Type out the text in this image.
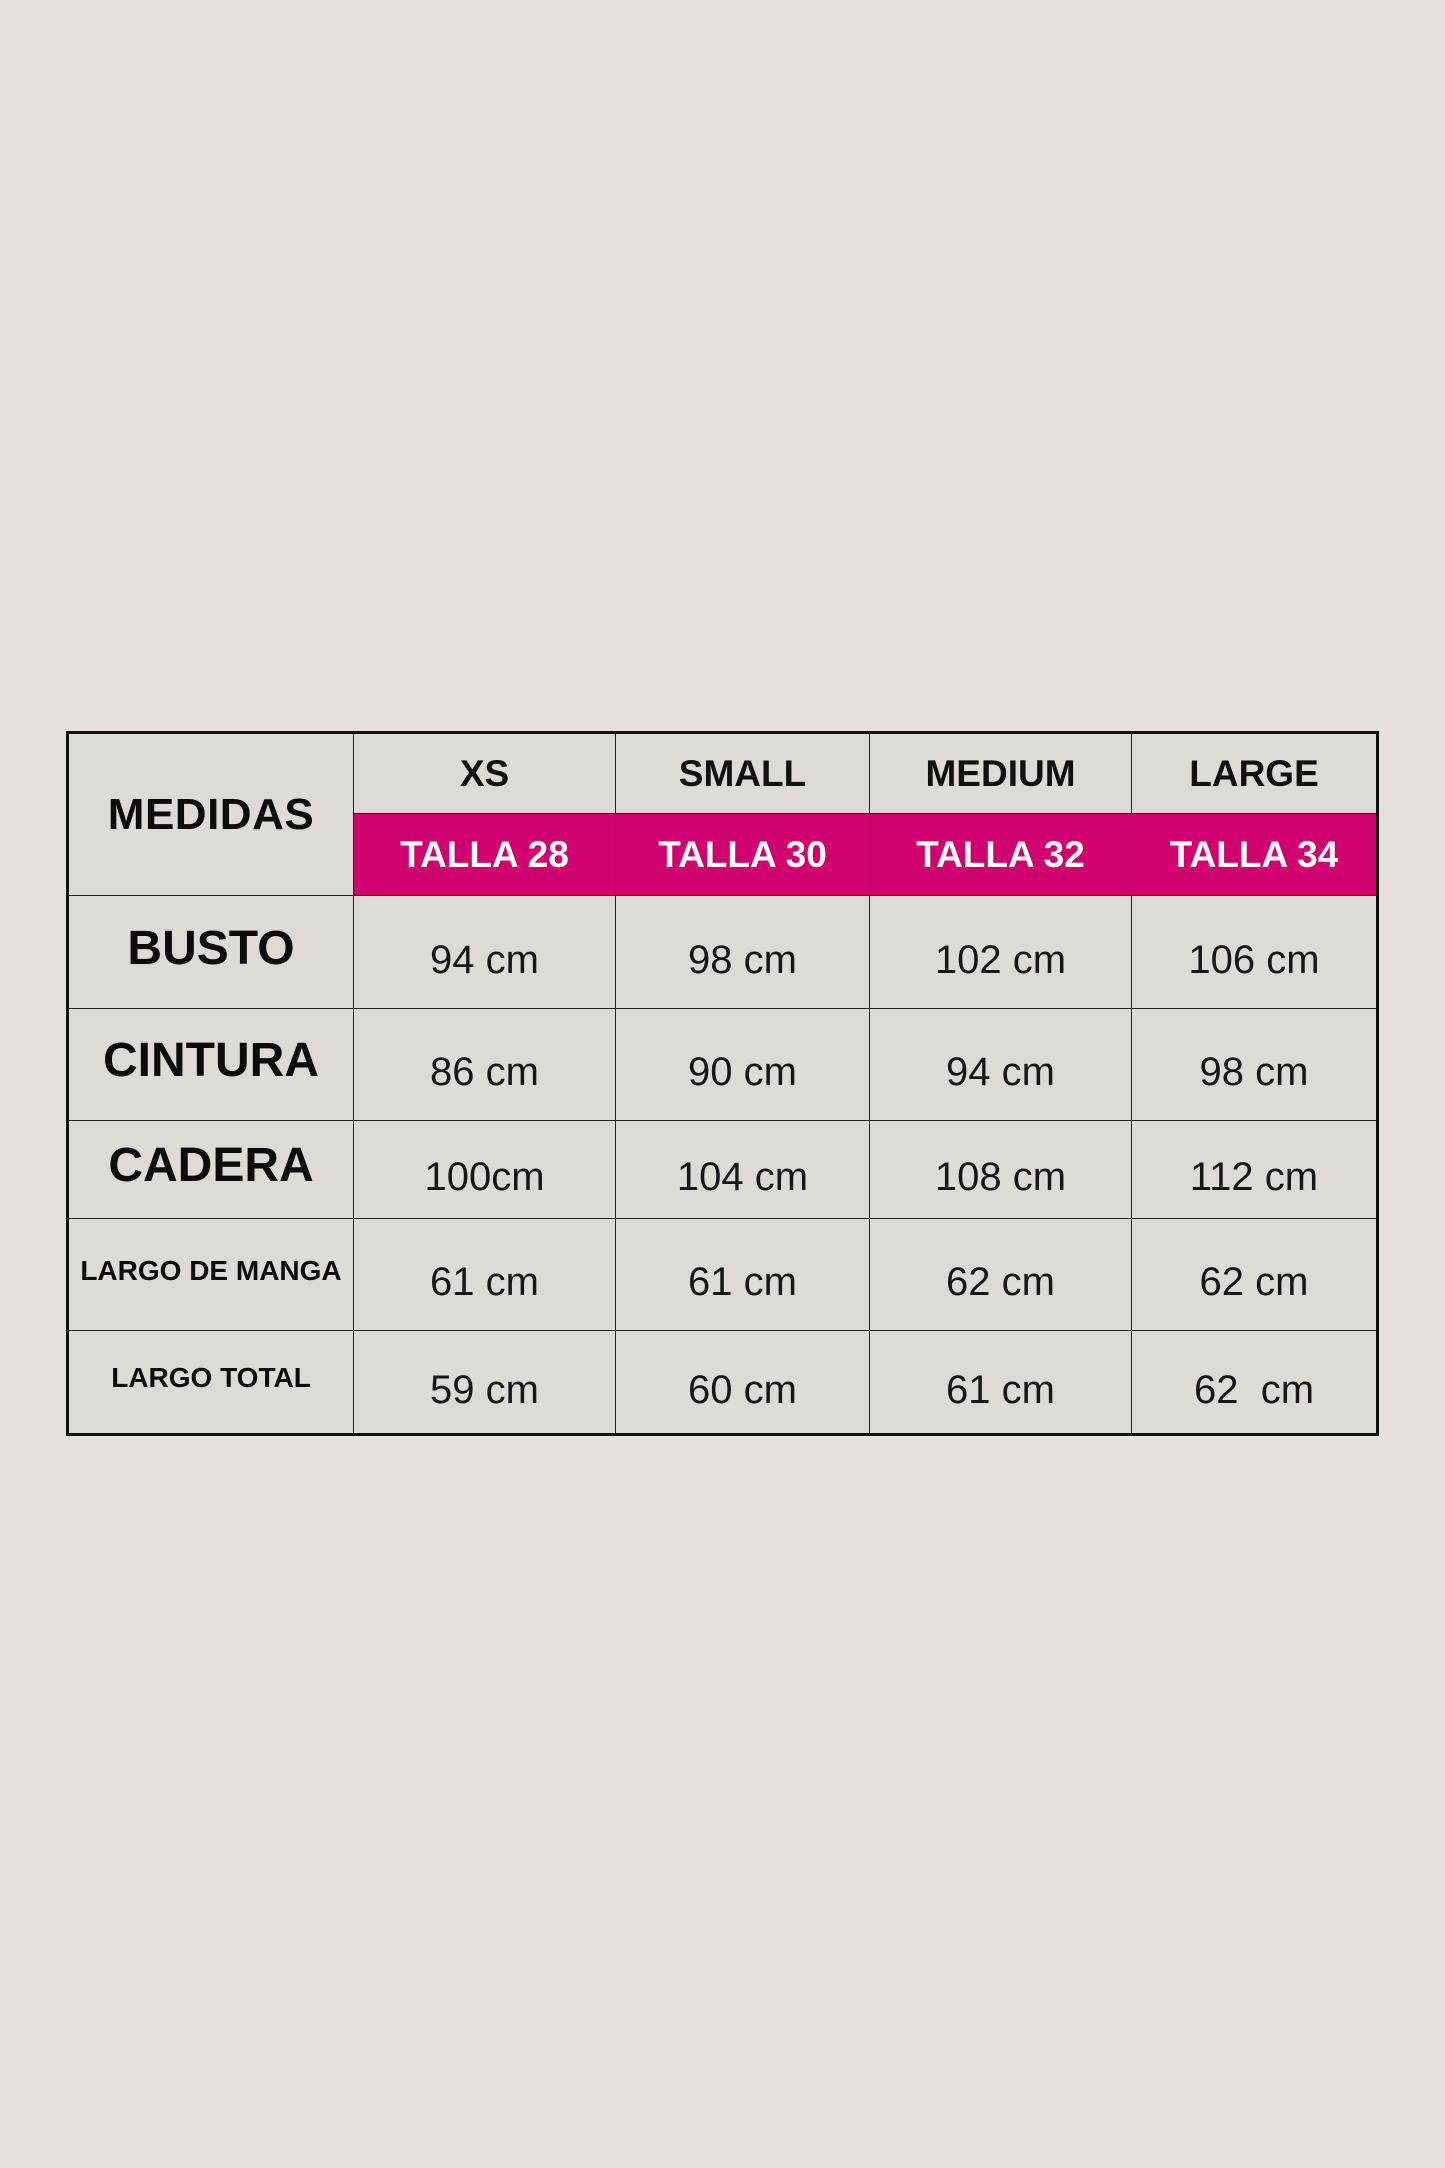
MEDIDAS	XS	SMALL	MEDIUM	LARGE
	TALLA 28	TALLA 30	TALLA 32	TALLA 34
BUSTO	94 cm	98 cm	102 cm	106 cm
CINTURA	86 cm	90 cm	94 cm	98 cm
CADERA	100cm	104 cm	108 cm	112 cm
LARGO DE MANGA	61 cm	61 cm	62 cm	62 cm
LARGO TOTAL	59 cm	60 cm	61 cm	62  cm
